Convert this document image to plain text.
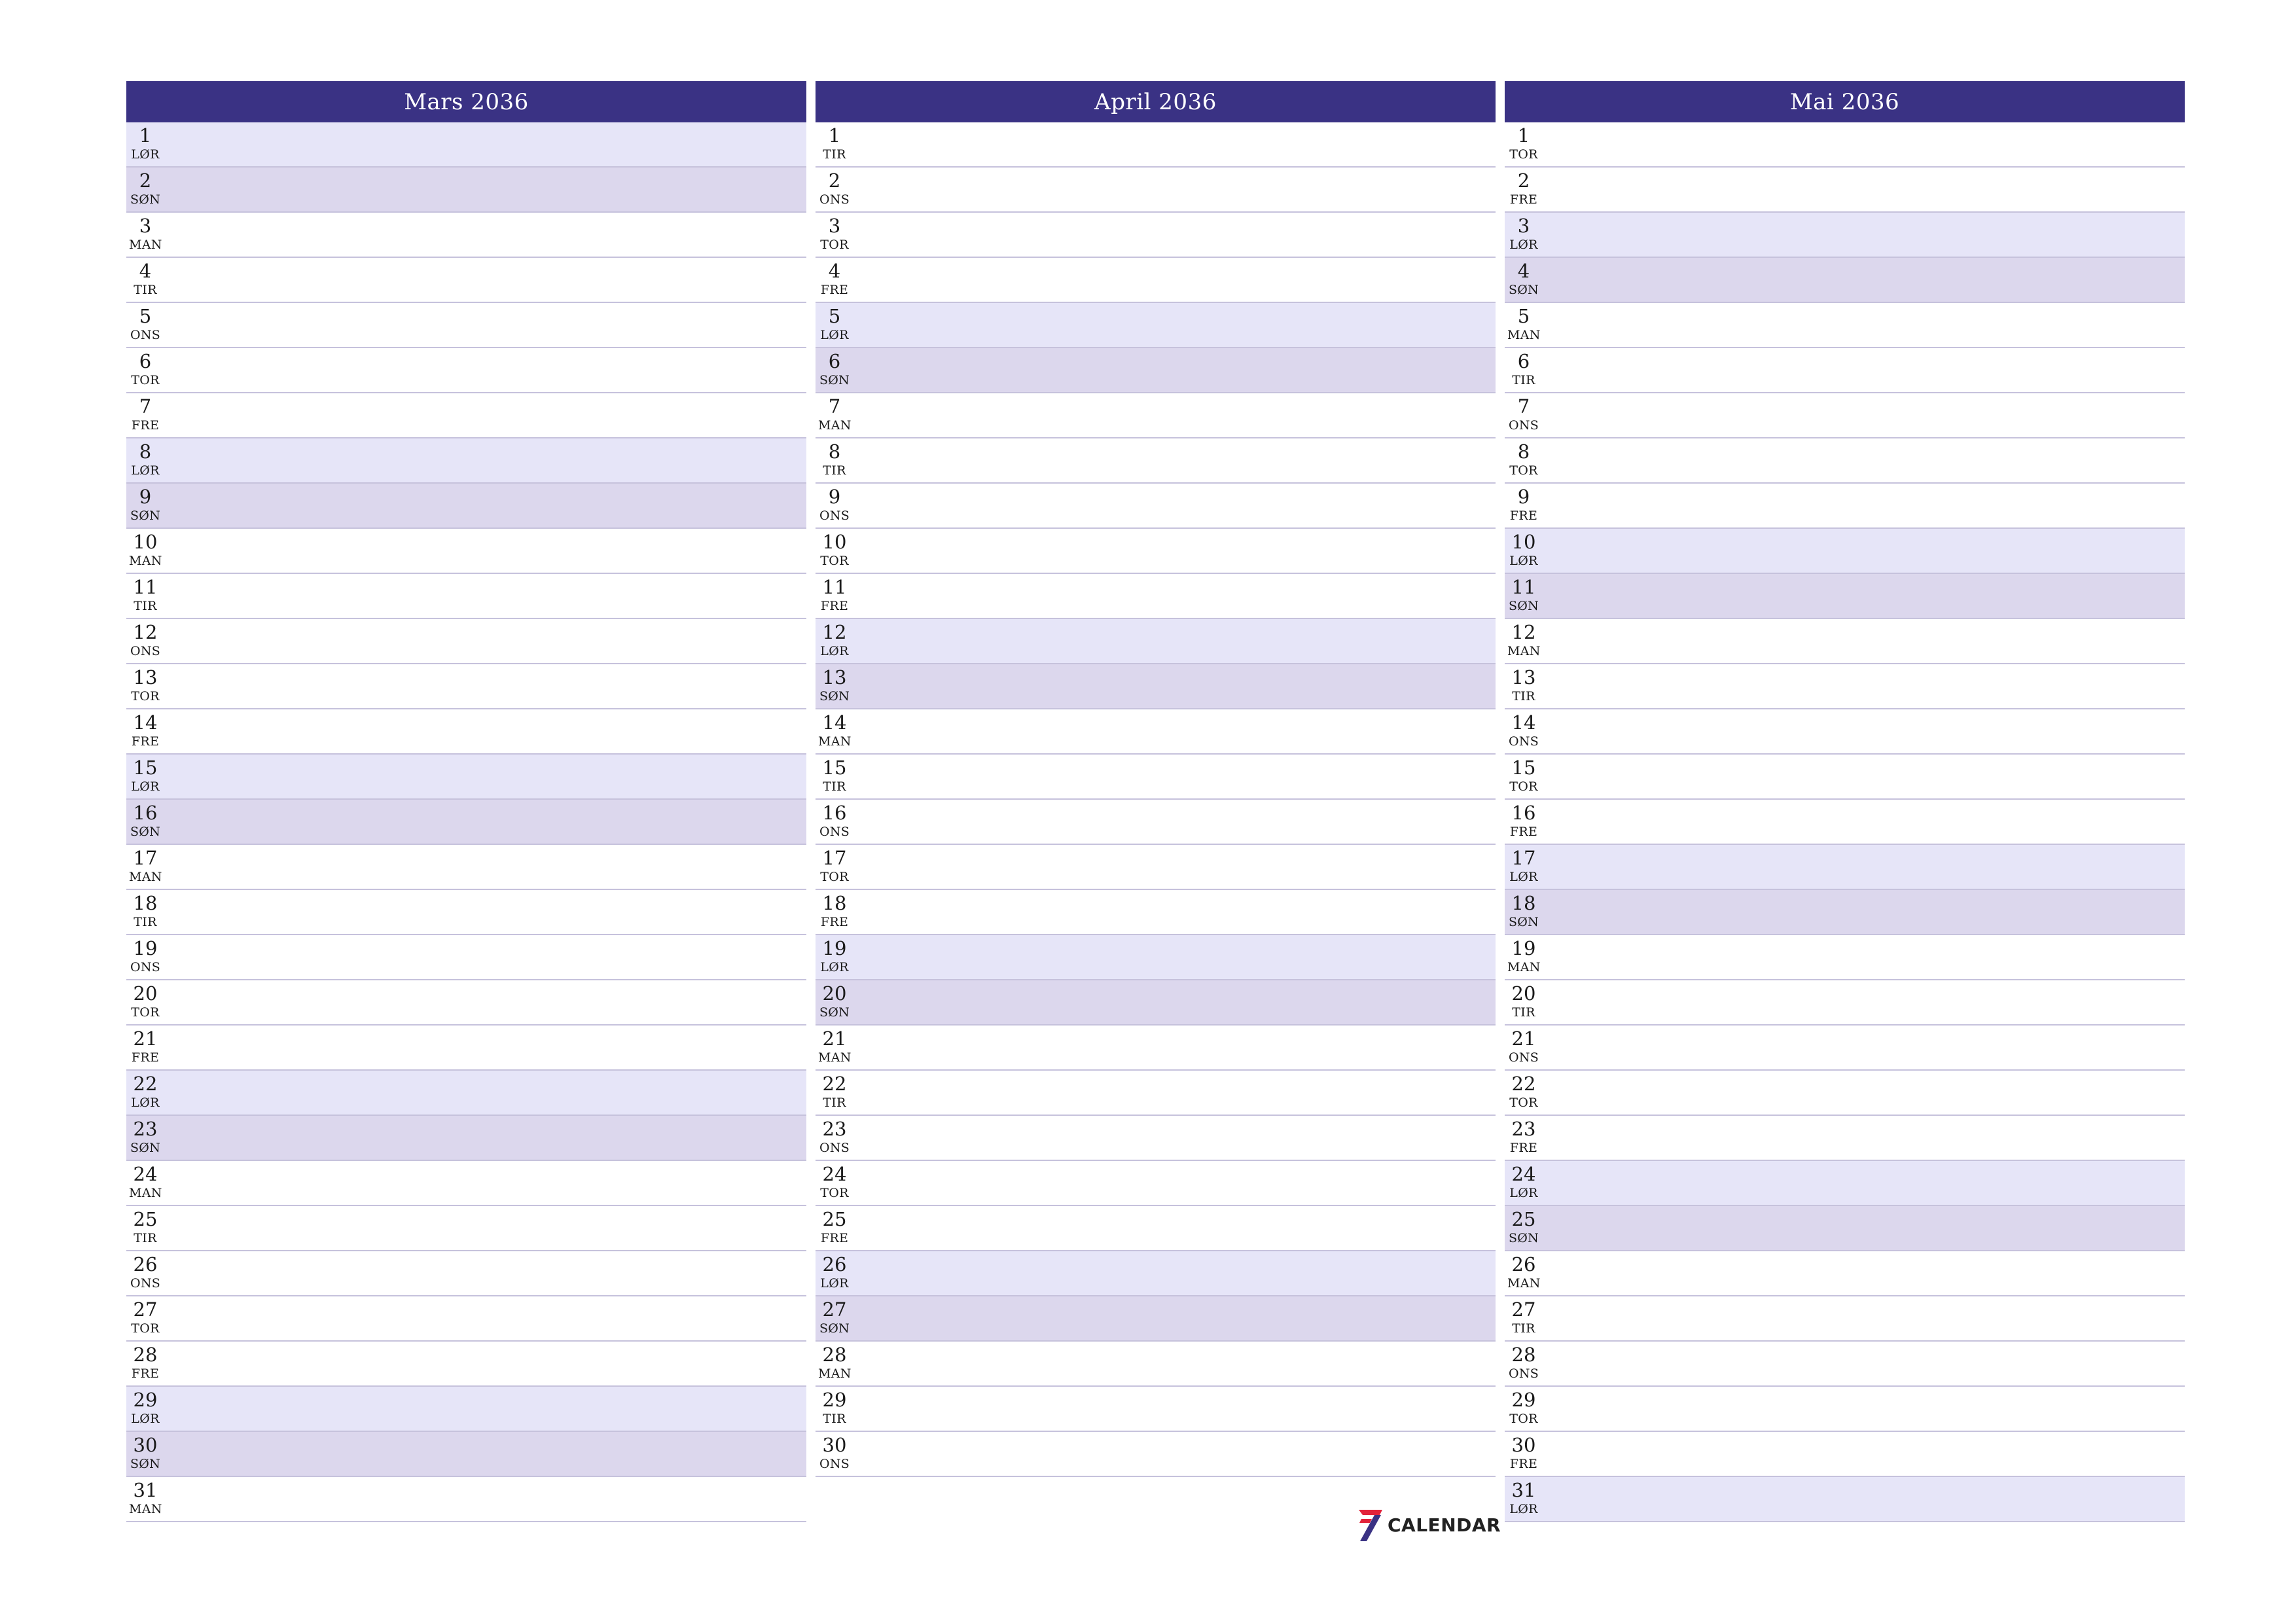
Mars 2036
1
LØR
2
SØN
3
MAN
4
TIR
5
ONS
6
TOR
7
FRE
8
LØR
9
SØN
10
MAN
11
TIR
12
ONS
13
TOR
14
FRE
15
LØR
16
SØN
17
MAN
18
TIR
19
ONS
20
TOR
21
FRE
22
LØR
23
SØN
24
MAN
25
TIR
26
ONS
27
TOR
28
FRE
29
LØR
30
SØN
31
MAN
April 2036
1
TIR
2
ONS
3
TOR
4
FRE
5
LØR
6
SØN
7
MAN
8
TIR
9
ONS
10
TOR
11
FRE
12
LØR
13
SØN
14
MAN
15
TIR
16
ONS
17
TOR
18
FRE
19
LØR
20
SØN
21
MAN
22
TIR
23
ONS
24
TOR
25
FRE
26
LØR
27
SØN
28
MAN
29
TIR
30
ONS
Mai 2036
1
TOR
2
FRE
3
LØR
4
SØN
5
MAN
6
TIR
7
ONS
8
TOR
9
FRE
10
LØR
11
SØN
12
MAN
13
TIR
14
ONS
15
TOR
16
FRE
17
LØR
18
SØN
19
MAN
20
TIR
21
ONS
22
TOR
23
FRE
24
LØR
25
SØN
26
MAN
27
TIR
28
ONS
29
TOR
30
FRE
31
LØR
CALENDAR
